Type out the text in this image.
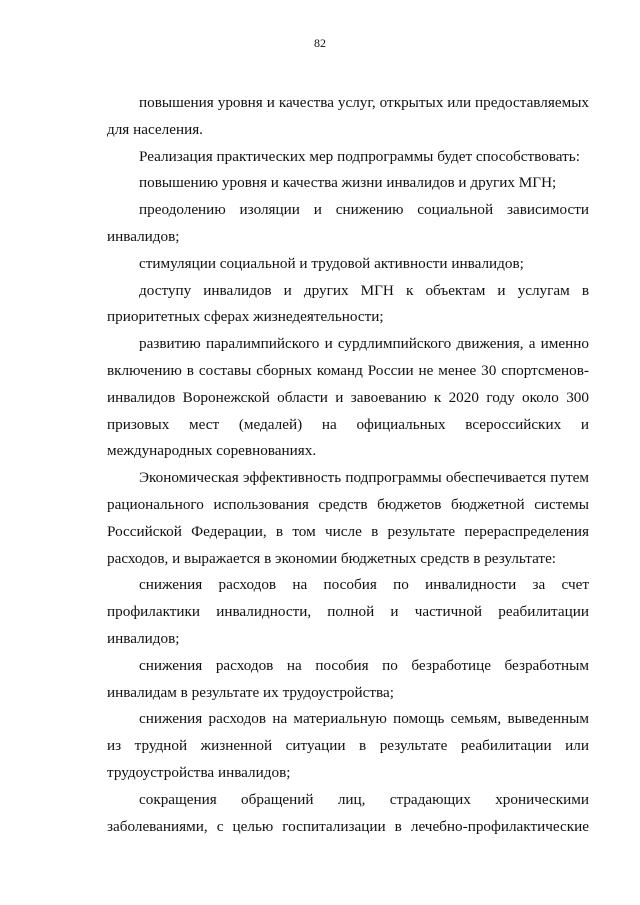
82

повышения уровня и качества услуг, открытых или предоставляемых для населения.

Реализация практических мер подпрограммы будет способствовать:

повышению уровня и качества жизни инвалидов и других МГН;

преодолению изоляции и снижению социальной зависимости инвалидов;

стимуляции социальной и трудовой активности инвалидов;

доступу инвалидов и других МГН к объектам и услугам в приоритетных сферах жизнедеятельности;

развитию паралимпийского и сурдлимпийского движения, а именно включению в составы сборных команд России не менее 30 спортсменов-инвалидов Воронежской области и завоеванию к 2020 году около 300 призовых мест (медалей) на официальных всероссийских и международных соревнованиях.

Экономическая эффективность подпрограммы обеспечивается путем рационального использования средств бюджетов бюджетной системы Российской Федерации, в том числе в результате перераспределения расходов, и выражается в экономии бюджетных средств в результате:

снижения расходов на пособия по инвалидности за счет профилактики инвалидности, полной и частичной реабилитации инвалидов;

снижения расходов на пособия по безработице безработным инвалидам в результате их трудоустройства;

снижения расходов на материальную помощь семьям, выведенным из трудной жизненной ситуации в результате реабилитации или трудоустройства инвалидов;

сокращения обращений лиц, страдающих хроническими заболеваниями, с целью госпитализации в лечебно-профилактические
